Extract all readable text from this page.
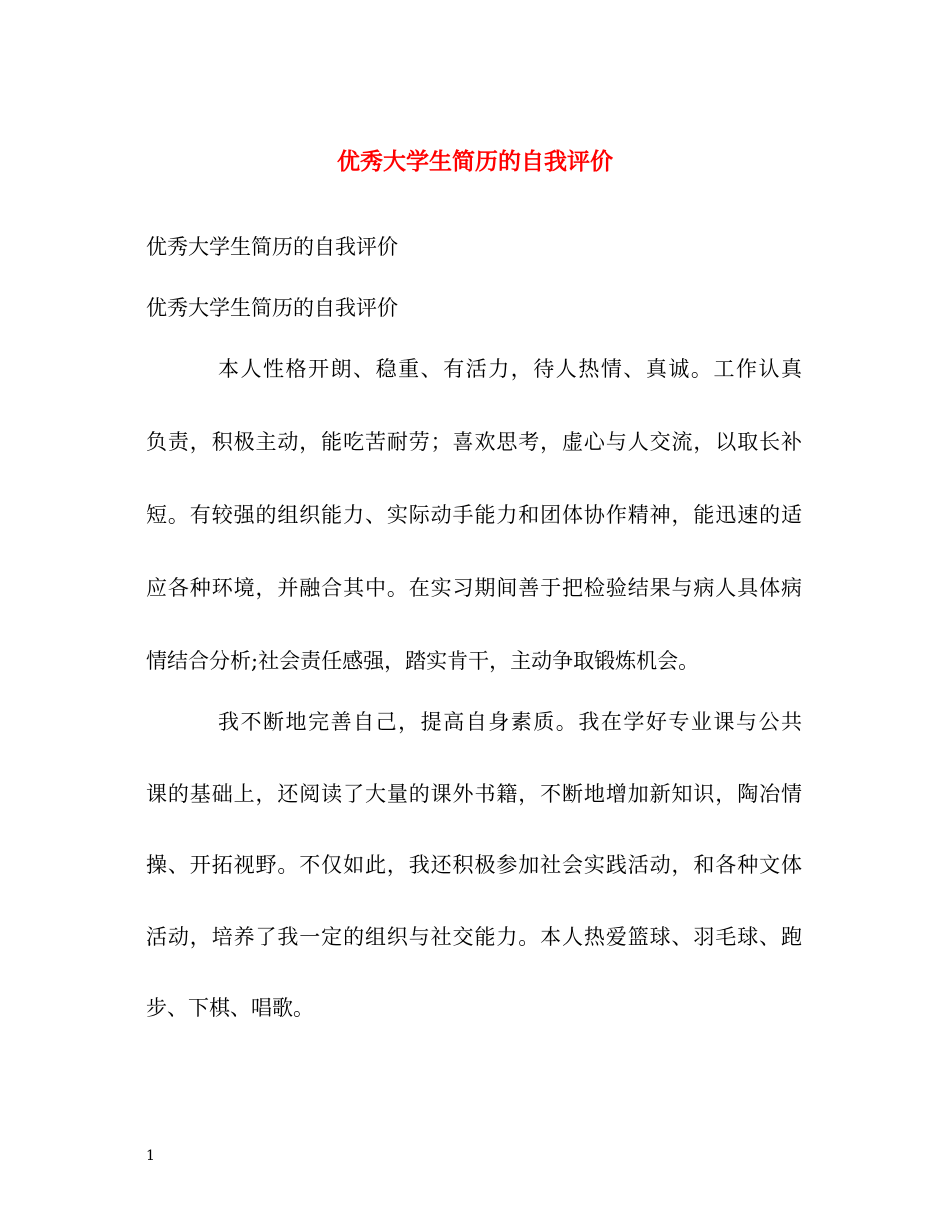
优秀大学生简历的自我评价

优秀大学生简历的自我评价

优秀大学生简历的自我评价

本人性格开朗、稳重、有活力，待人热情、真诚。工作认真

负责，积极主动，能吃苦耐劳；喜欢思考，虚心与人交流，以取长补

短。有较强的组织能力、实际动手能力和团体协作精神，能迅速的适

应各种环境，并融合其中。在实习期间善于把检验结果与病人具体病

情结合分析;社会责任感强，踏实肯干，主动争取锻炼机会。

我不断地完善自己，提高自身素质。我在学好专业课与公共

课的基础上，还阅读了大量的课外书籍，不断地增加新知识，陶冶情

操、开拓视野。不仅如此，我还积极参加社会实践活动，和各种文体

活动，培养了我一定的组织与社交能力。本人热爱篮球、羽毛球、跑

步、下棋、唱歌。

1
